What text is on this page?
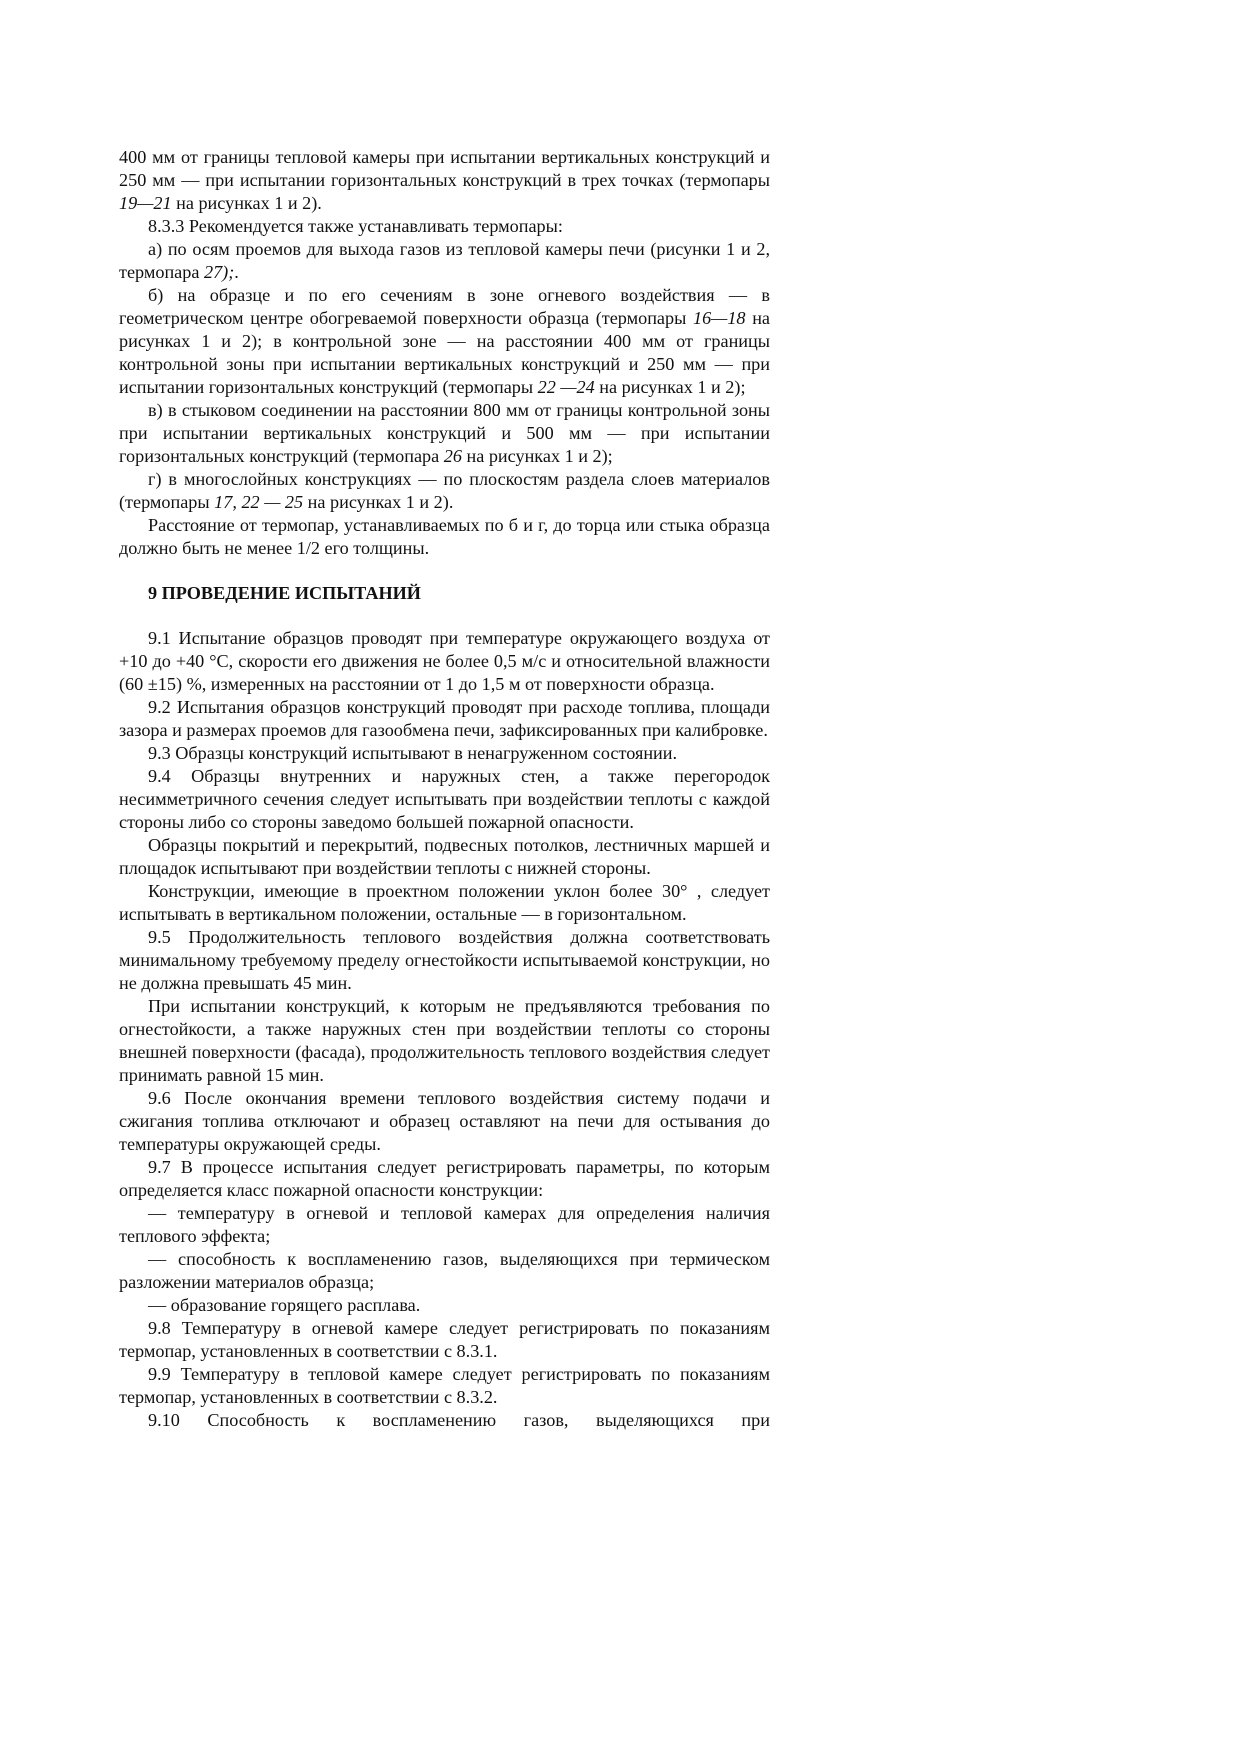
400 мм от границы тепловой камеры при испытании вертикальных конструкций и 250 мм — при испытании горизонтальных конструкций в трех точках (термопары 19—21 на рисунках 1 и 2).

8.3.3 Рекомендуется также устанавливать термопары:

а) по осям проемов для выхода газов из тепловой камеры печи (рисунки 1 и 2, термопара 27);.

б) на образце и по его сечениям в зоне огневого воздействия — в геометрическом центре обогреваемой поверхности образца (термопары 16—18 на рисунках 1 и 2); в контрольной зоне — на расстоянии 400 мм от границы контрольной зоны при испытании вертикальных конструкций и 250 мм — при испытании горизонтальных конструкций (термопары 22 —24 на рисунках 1 и 2);

в) в стыковом соединении на расстоянии 800 мм от границы контрольной зоны при испытании вертикальных конструкций и 500 мм — при испытании горизонтальных конструкций (термопара 26 на рисунках 1 и 2);

г) в многослойных конструкциях — по плоскостям раздела слоев материалов (термопары 17, 22 — 25 на рисунках 1 и 2).

Расстояние от термопар, устанавливаемых по б и г, до торца или стыка образца должно быть не менее 1/2 его толщины.

9 ПРОВЕДЕНИЕ ИСПЫТАНИЙ

9.1 Испытание образцов проводят при температуре окружающего воздуха от +10 до +40 °С, скорости его движения не более 0,5 м/с и относительной влажности (60 ±15) %, измеренных на расстоянии от 1 до 1,5 м от поверхности образца.

9.2 Испытания образцов конструкций проводят при расходе топлива, площади зазора и размерах проемов для газообмена печи, зафиксированных при калибровке.

9.3 Образцы конструкций испытывают в ненагруженном состоянии.

9.4 Образцы внутренних и наружных стен, а также перегородок несимметричного сечения следует испытывать при воздействии теплоты с каждой стороны либо со стороны заведомо большей пожарной опасности.

Образцы покрытий и перекрытий, подвесных потолков, лестничных маршей и площадок испытывают при воздействии теплоты с нижней стороны.

Конструкции, имеющие в проектном положении уклон более 30° , следует испытывать в вертикальном положении, остальные — в горизонтальном.

9.5 Продолжительность теплового воздействия должна соответствовать минимальному требуемому пределу огнестойкости испытываемой конструкции, но не должна превышать 45 мин.

При испытании конструкций, к которым не предъявляются требования по огнестойкости, а также наружных стен при воздействии теплоты со стороны внешней поверхности (фасада), продолжительность теплового воздействия следует принимать равной 15 мин.

9.6 После окончания времени теплового воздействия систему подачи и сжигания топлива отключают и образец оставляют на печи для остывания до температуры окружающей среды.

9.7 В процессе испытания следует регистрировать параметры, по которым определяется класс пожарной опасности конструкции:

— температуру в огневой и тепловой камерах для определения наличия теплового эффекта;

— способность к воспламенению газов, выделяющихся при термическом разложении материалов образца;

— образование горящего расплава.

9.8 Температуру в огневой камере следует регистрировать по показаниям термопар, установленных в соответствии с 8.3.1.

9.9 Температуру в тепловой камере следует регистрировать по показаниям термопар, установленных в соответствии с 8.3.2.

9.10 Способность к воспламенению газов, выделяющихся при
